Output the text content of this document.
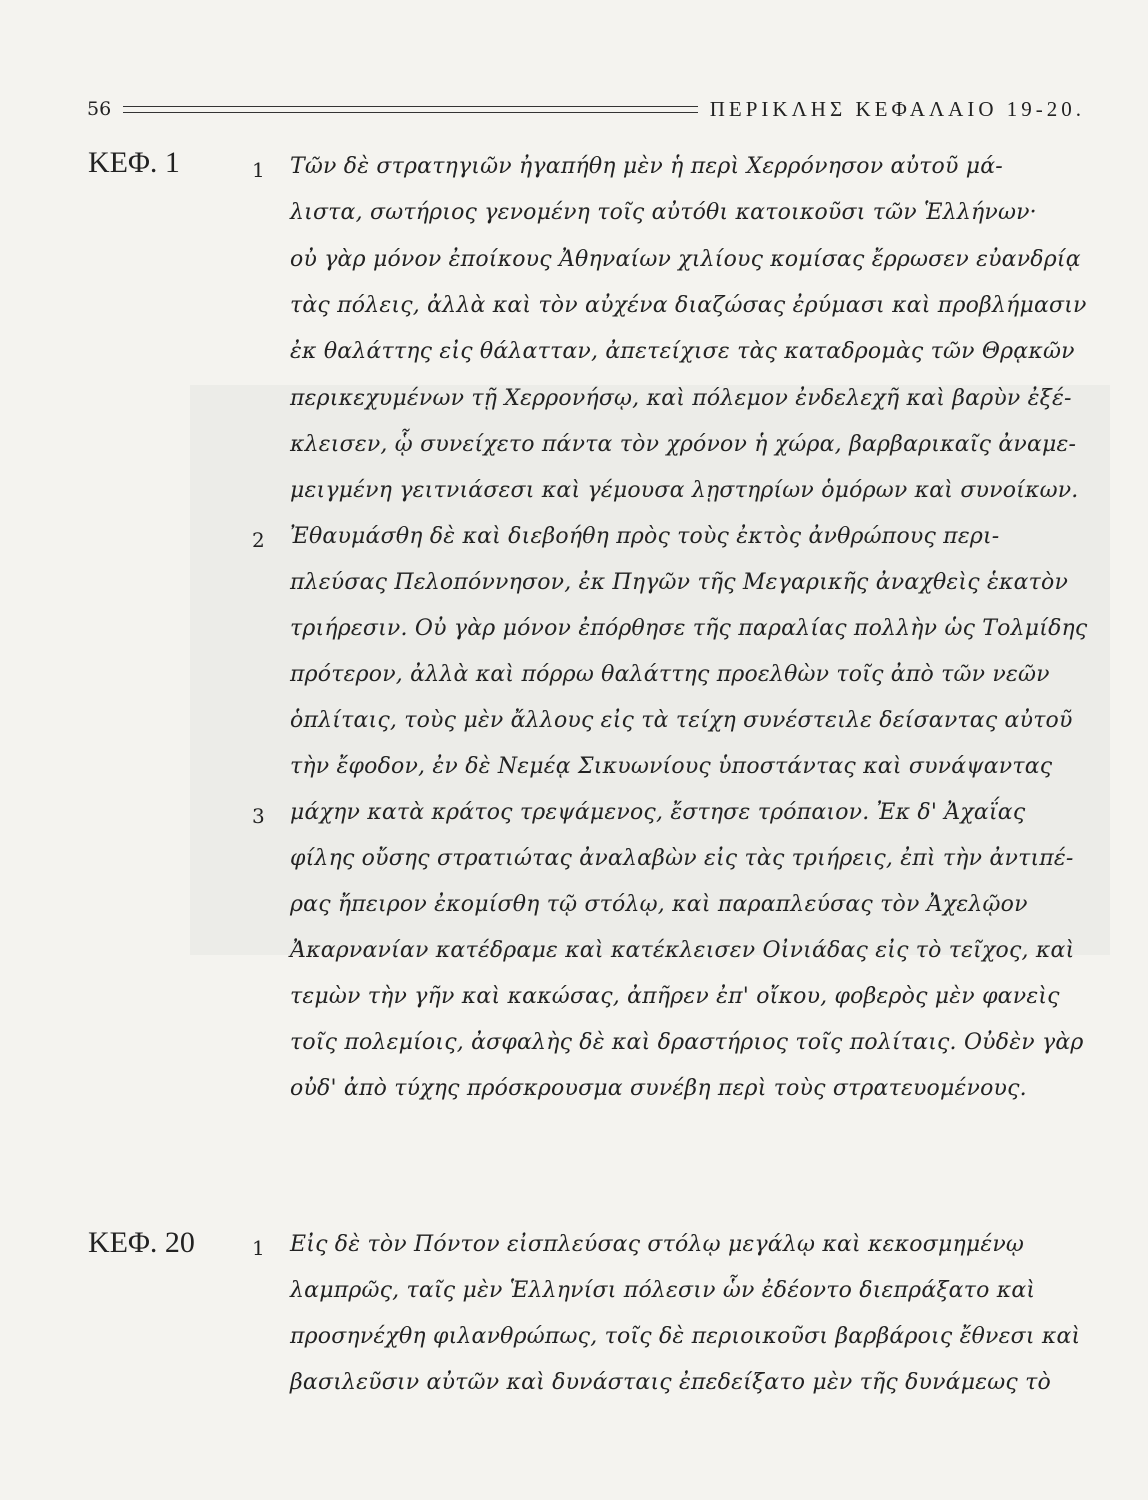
56	ΠΕΡΙΚΛΗΣ ΚΕΦΑΛΑΙΟ 19-20.
ΚΕΦ. 1	1 Τῶν δὲ στρατηγιῶν ἠγαπήθη μὲν ἡ περὶ Χερρόνησον αὐτοῦ μά-

λιστα, σωτήριος γενομένη τοῖς αὐτόθι κατοικοῦσι τῶν Ἑλλήνων·

οὐ γὰρ μόνον ἐποίκους Ἀθηναίων χιλίους κομίσας ἔρρωσεν εὐανδρίᾳ

τὰς πόλεις, ἀλλὰ καὶ τὸν αὐχένα διαζώσας ἐρύμασι καὶ προβλήμασιν

ἐκ θαλάττης εἰς θάλατταν, ἀπετείχισε τὰς καταδρομὰς τῶν Θρᾳκῶν

περικεχυμένων τῇ Χερρονήσῳ, καὶ πόλεμον ἐνδελεχῆ καὶ βαρὺν ἐξέ-

κλεισεν, ᾧ συνείχετο πάντα τὸν χρόνον ἡ χώρα, βαρβαρικαῖς ἀναμε-

μειγμένη γειτνιάσεσι καὶ γέμουσα λῃστηρίων ὁμόρων καὶ συνοίκων.

2 Ἐθαυμάσθη δὲ καὶ διεβοήθη πρὸς τοὺς ἐκτὸς ἀνθρώπους περι-

πλεύσας Πελοπόννησον, ἐκ Πηγῶν τῆς Μεγαρικῆς ἀναχθεὶς ἑκατὸν

τριήρεσιν. Οὐ γὰρ μόνον ἐπόρθησε τῆς παραλίας πολλὴν ὡς Τολμίδης

πρότερον, ἀλλὰ καὶ πόρρω θαλάττης προελθὼν τοῖς ἀπὸ τῶν νεῶν

ὁπλίταις, τοὺς μὲν ἄλλους εἰς τὰ τείχη συνέστειλε δείσαντας αὐτοῦ

τὴν ἔφοδον, ἐν δὲ Νεμέᾳ Σικυωνίους ὑποστάντας καὶ συνάψαντας

3 μάχην κατὰ κράτος τρεψάμενος, ἔστησε τρόπαιον. Ἐκ δ' Ἀχαΐας

φίλης οὔσης στρατιώτας ἀναλαβὼν εἰς τὰς τριήρεις, ἐπὶ τὴν ἀντιπέ-

ρας ἤπειρον ἐκομίσθη τῷ στόλῳ, καὶ παραπλεύσας τὸν Ἀχελῷον

Ἀκαρνανίαν κατέδραμε καὶ κατέκλεισεν Οἰνιάδας εἰς τὸ τεῖχος, καὶ

τεμὼν τὴν γῆν καὶ κακώσας, ἀπῆρεν ἐπ' οἴκου, φοβερὸς μὲν φανεὶς

τοῖς πολεμίοις, ἀσφαλὴς δὲ καὶ δραστήριος τοῖς πολίταις. Οὐδὲν γὰρ

οὐδ' ἀπὸ τύχης πρόσκρουσμα συνέβη περὶ τοὺς στρατευομένους.

ΚΕΦ. 20	1 Εἰς δὲ τὸν Πόντον εἰσπλεύσας στόλῳ μεγάλῳ καὶ κεκοσμημένῳ

λαμπρῶς, ταῖς μὲν Ἑλληνίσι πόλεσιν ὧν ἐδέοντο διεπράξατο καὶ

προσηνέχθη φιλανθρώπως, τοῖς δὲ περιοικοῦσι βαρβάροις ἔθνεσι καὶ

βασιλεῦσιν αὐτῶν καὶ δυνάσταις ἐπεδείξατο μὲν τῆς δυνάμεως τὸ
